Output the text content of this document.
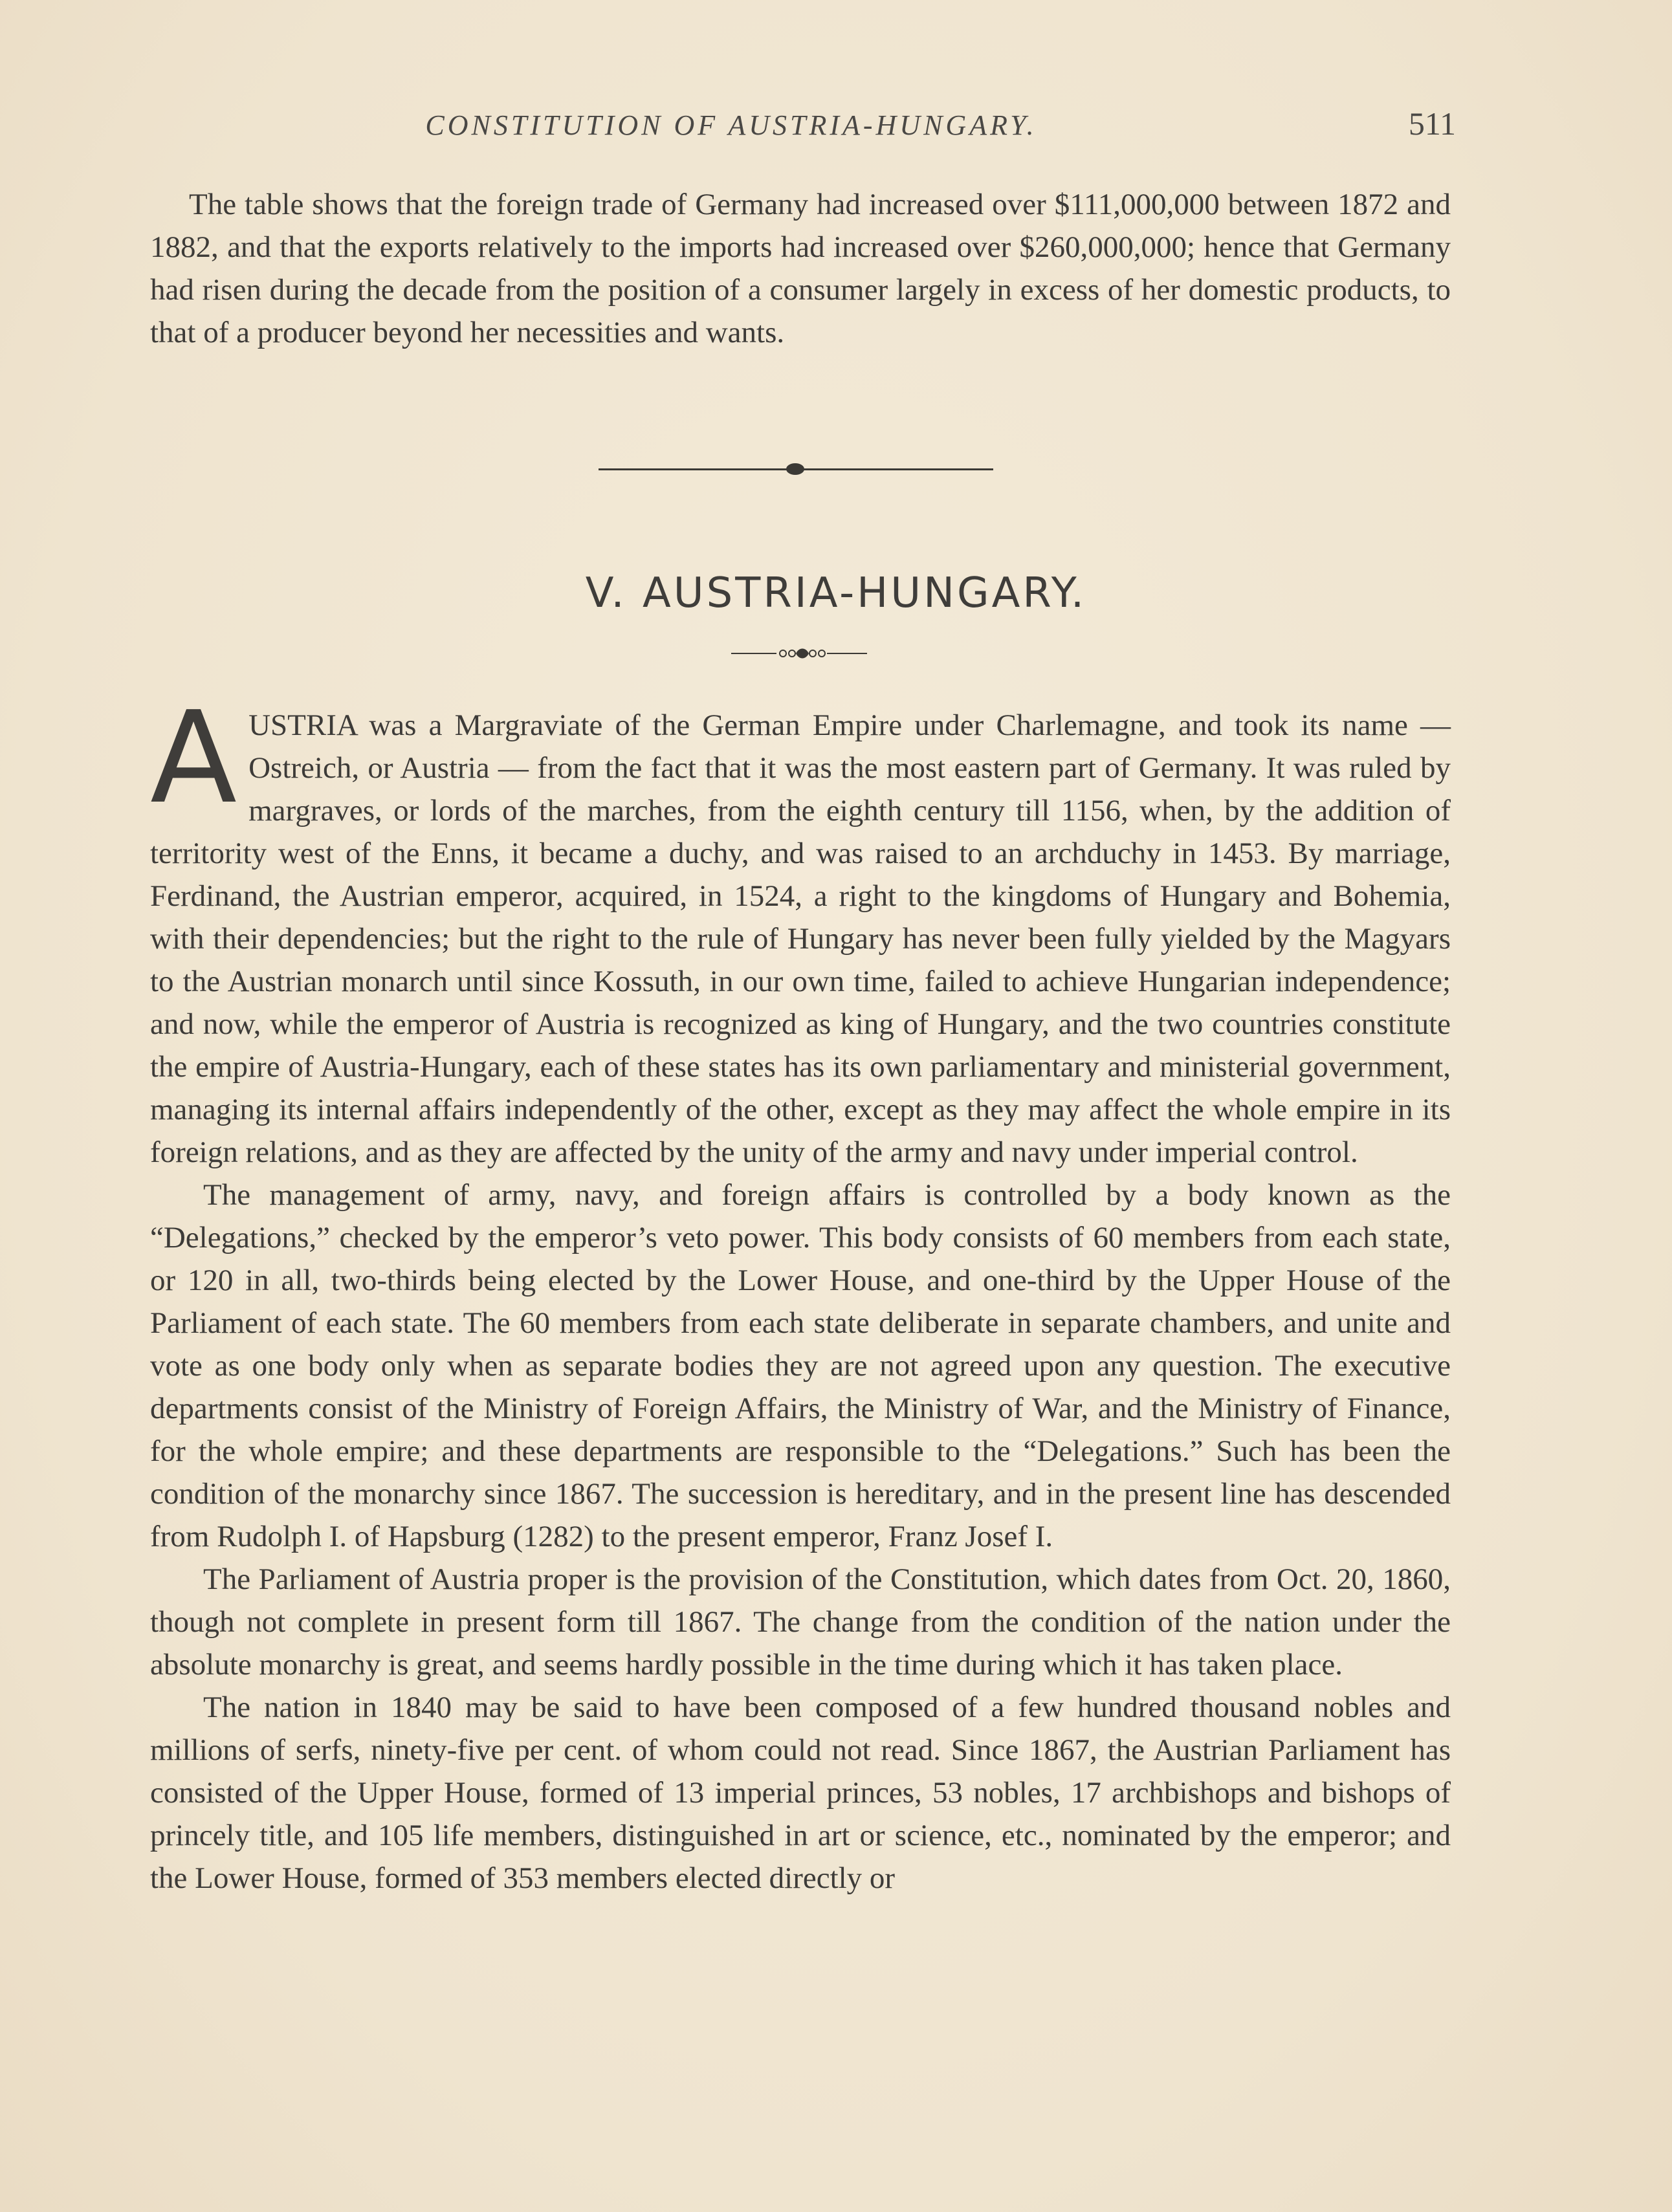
CONSTITUTION OF AUSTRIA-HUNGARY.	511

The table shows that the foreign trade of Germany had increased over $111,000,000 between 1872 and 1882, and that the exports relatively to the imports had increased over $260,000,000; hence that Germany had risen during the decade from the position of a consumer largely in excess of her domestic products, to that of a producer beyond her necessities and wants.

V. AUSTRIA-HUNGARY.

AUSTRIA was a Margraviate of the German Empire under Charlemagne, and took its name — Ostreich, or Austria — from the fact that it was the most eastern part of Germany. It was ruled by margraves, or lords of the marches, from the eighth century till 1156, when, by the addition of territority west of the Enns, it became a duchy, and was raised to an archduchy in 1453. By marriage, Ferdinand, the Austrian emperor, acquired, in 1524, a right to the kingdoms of Hungary and Bohemia, with their dependencies; but the right to the rule of Hungary has never been fully yielded by the Magyars to the Austrian monarch until since Kossuth, in our own time, failed to achieve Hungarian independence; and now, while the emperor of Austria is recognized as king of Hungary, and the two countries constitute the empire of Austria-Hungary, each of these states has its own parliamentary and ministerial government, managing its internal affairs independently of the other, except as they may affect the whole empire in its foreign relations, and as they are affected by the unity of the army and navy under imperial control.

The management of army, navy, and foreign affairs is controlled by a body known as the “Delegations,” checked by the emperor’s veto power. This body consists of 60 members from each state, or 120 in all, two-thirds being elected by the Lower House, and one-third by the Upper House of the Parliament of each state. The 60 members from each state deliberate in separate chambers, and unite and vote as one body only when as separate bodies they are not agreed upon any question. The executive departments consist of the Ministry of Foreign Affairs, the Ministry of War, and the Ministry of Finance, for the whole empire; and these departments are responsible to the “Delegations.” Such has been the condition of the monarchy since 1867. The succession is hereditary, and in the present line has descended from Rudolph I. of Hapsburg (1282) to the present emperor, Franz Josef I.

The Parliament of Austria proper is the provision of the Constitution, which dates from Oct. 20, 1860, though not complete in present form till 1867. The change from the condition of the nation under the absolute monarchy is great, and seems hardly possible in the time during which it has taken place.

The nation in 1840 may be said to have been composed of a few hundred thousand nobles and millions of serfs, ninety-five per cent. of whom could not read. Since 1867, the Austrian Parliament has consisted of the Upper House, formed of 13 imperial princes, 53 nobles, 17 archbishops and bishops of princely title, and 105 life members, distinguished in art or science, etc., nominated by the emperor; and the Lower House, formed of 353 members elected directly or
